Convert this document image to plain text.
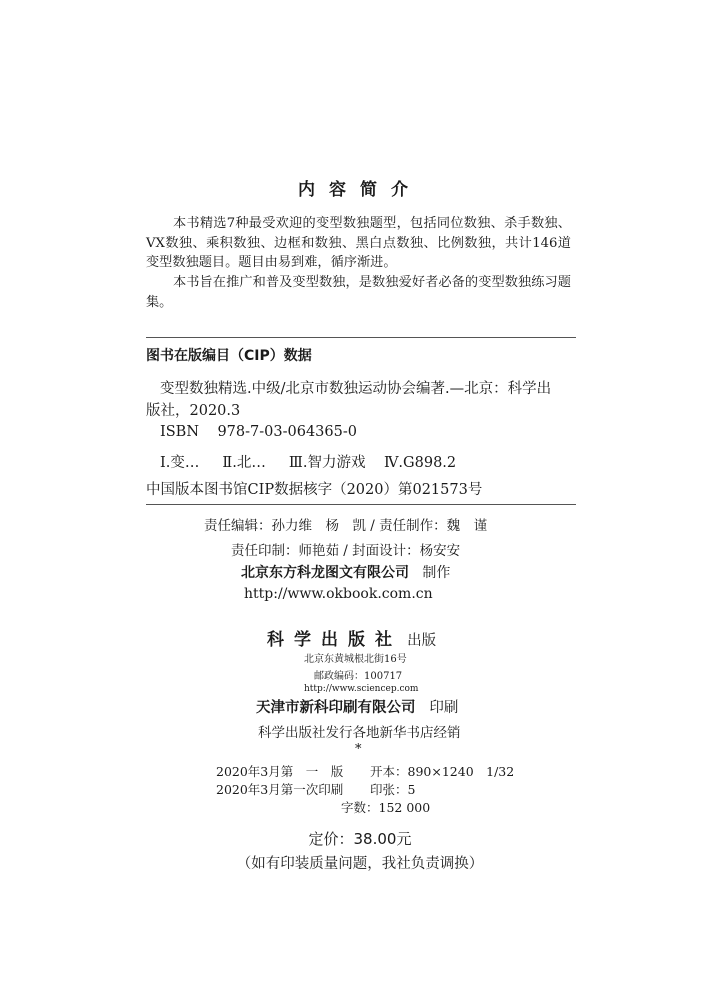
内容简介
本书精选7种最受欢迎的变型数独题型，包括同位数独、杀手数独、VX数独、乘积数独、边框和数独、黑白点数独、比例数独，共计146道变型数独题目。题目由易到难，循序渐进。
本书旨在推广和普及变型数独，是数独爱好者必备的变型数独练习题集。
图书在版编目（CIP）数据
变型数独精选.中级/北京市数独运动协会编著.—北京：科学出
版社，2020.3
ISBN 978-7-03-064365-0
Ⅰ.变… Ⅱ.北… Ⅲ.智力游戏 Ⅳ.G898.2
中国版本图书馆CIP数据核字（2020）第021573号
责任编辑：孙力维　杨　凯 / 责任制作：魏　谨
责任印制：师艳茹 / 封面设计：杨安安
北京东方科龙图文有限公司 制作
http://www.okbook.com.cn
科学出版社 出版
北京东黄城根北街16号
邮政编码：100717
http://www.sciencep.com
天津市新科印刷有限公司 印刷
科学出版社发行各地新华书店经销
*
2020年3月第　一　版 开本：890×1240　1/32
2020年3月第一次印刷 印张：5
字数：152 000
定价：38.00元
（如有印装质量问题，我社负责调换）
